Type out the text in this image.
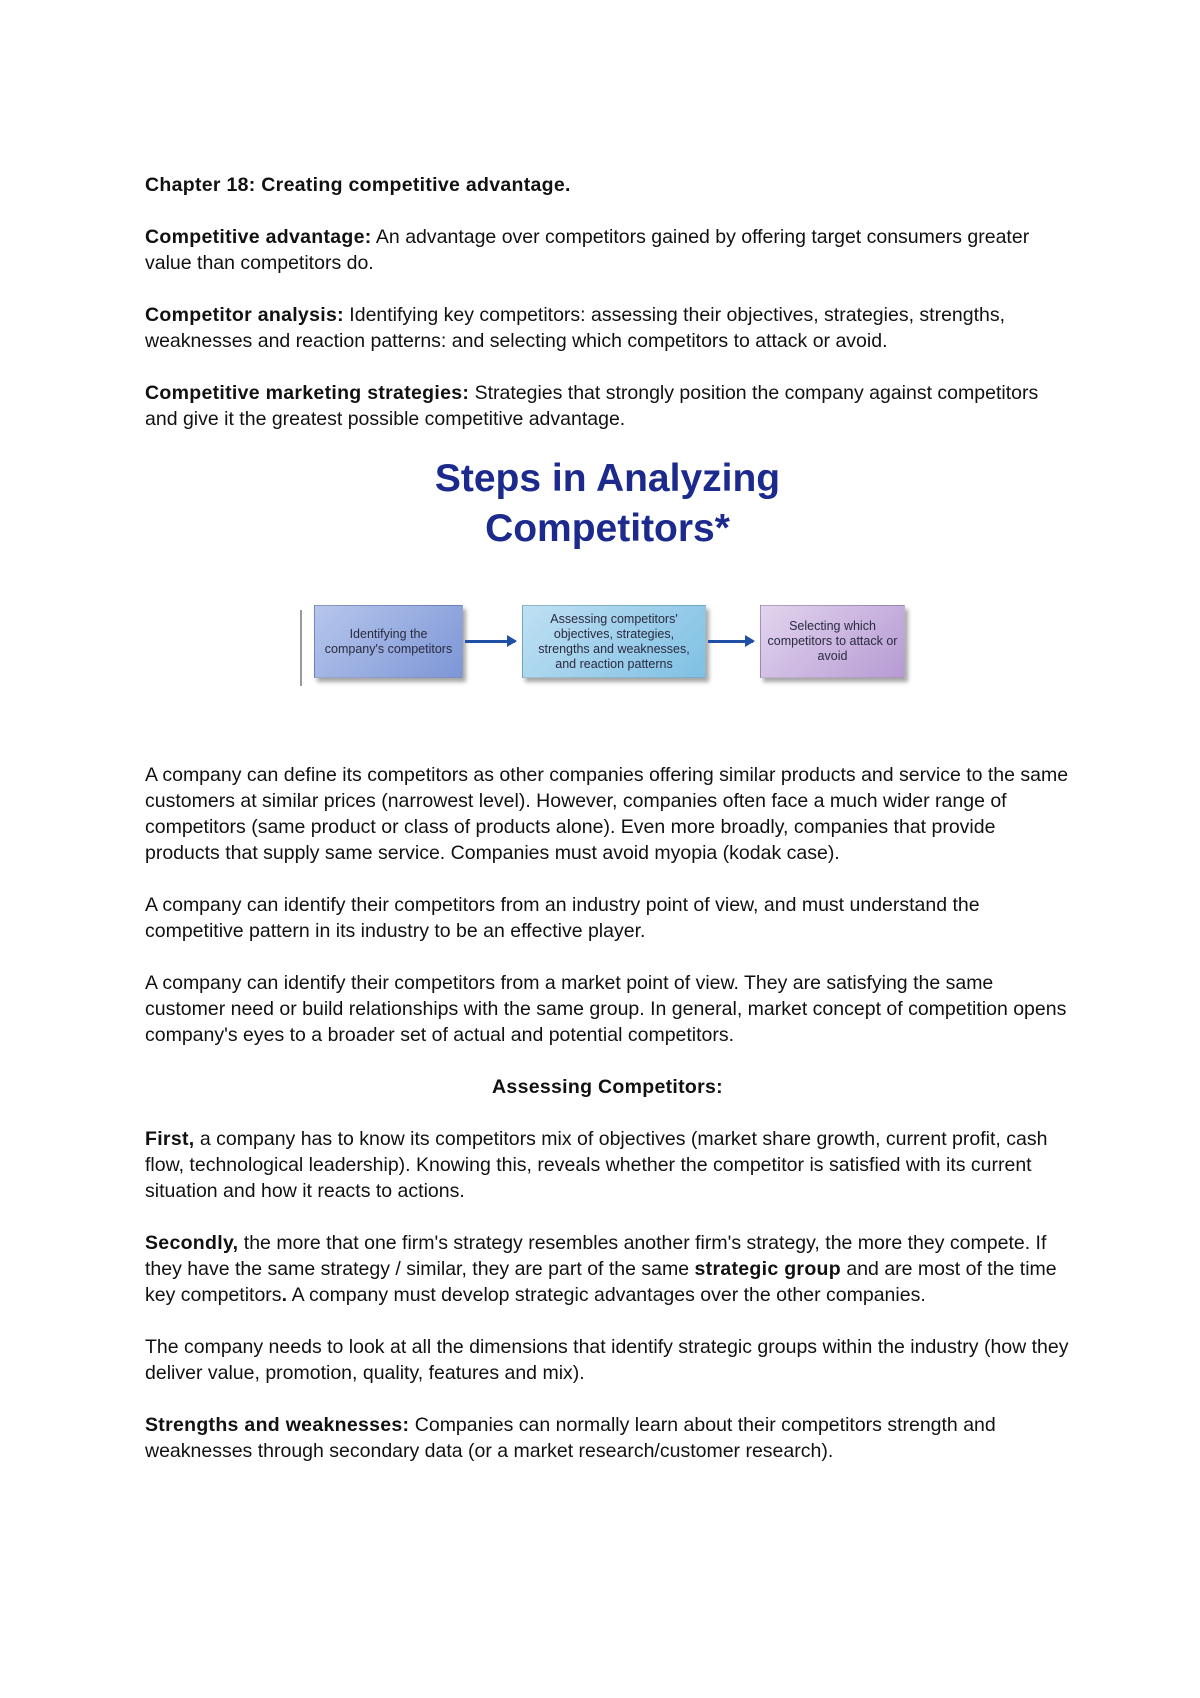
Chapter 18: Creating competitive advantage.

Competitive advantage: An advantage over competitors gained by offering target consumers greater value than competitors do.

Competitor analysis: Identifying key competitors: assessing their objectives, strategies, strengths, weaknesses and reaction patterns: and selecting which competitors to attack or avoid.

Competitive marketing strategies: Strategies that strongly position the company against competitors and give it the greatest possible competitive advantage.

Steps in Analyzing
Competitors*
Identifying the company's competitors
Assessing competitors' objectives, strategies, strengths and weaknesses, and reaction patterns
Selecting which competitors to attack or avoid

A company can define its competitors as other companies offering similar products and service to the same customers at similar prices (narrowest level). However, companies often face a much wider range of competitors (same product or class of products alone). Even more broadly, companies that provide products that supply same service. Companies must avoid myopia (kodak case).

A company can identify their competitors from an industry point of view, and must understand the competitive pattern in its industry to be an effective player.

A company can identify their competitors from a market point of view. They are satisfying the same customer need or build relationships with the same group. In general, market concept of competition opens company's eyes to a broader set of actual and potential competitors.

Assessing Competitors:

First, a company has to know its competitors mix of objectives (market share growth, current profit, cash flow, technological leadership). Knowing this, reveals whether the competitor is satisfied with its current situation and how it reacts to actions.

Secondly, the more that one firm's strategy resembles another firm's strategy, the more they compete. If they have the same strategy / similar, they are part of the same strategic group and are most of the time key competitors. A company must develop strategic advantages over the other companies.

The company needs to look at all the dimensions that identify strategic groups within the industry (how they deliver value, promotion, quality, features and mix).

Strengths and weaknesses: Companies can normally learn about their competitors strength and weaknesses through secondary data (or a market research/customer research).
